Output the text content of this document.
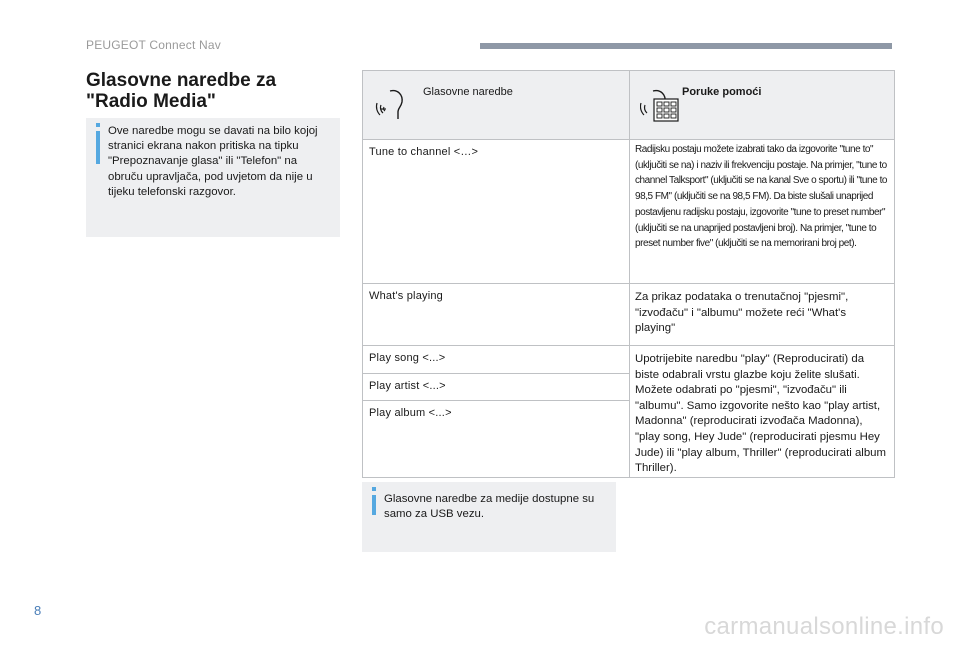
PEUGEOT Connect Nav
Glasovne naredbe za "Radio Media"
Ove naredbe mogu se davati na bilo kojoj stranici ekrana nakon pritiska na tipku "Prepoznavanje glasa" ili "Telefon" na obruču upravljača, pod uvjetom da nije u tijeku telefonski razgovor.
Glasovne naredbe	Poruke pomoći

Tune to channel <…>	Radijsku postaju možete izabrati tako da izgovorite "tune to" (uključiti se na) i naziv ili frekvenciju postaje. Na primjer, "tune to channel Talksport" (uključiti se na kanal Sve o sportu) ili "tune to 98,5 FM" (uključiti se na 98,5 FM). Da biste slušali unaprijed postavljenu radijsku postaju, izgovorite "tune to preset number" (uključiti se na unaprijed postavljeni broj). Na primjer, "tune to preset number five" (uključiti se na memorirani broj pet).
What's playing	Za prikaz podataka o trenutačnoj "pjesmi", "izvođaču" i "albumu" možete reći "What's playing"
Play song <...>	Upotrijebite naredbu "play" (Reproducirati) da biste odabrali vrstu glazbe koju želite slušati. Možete odabrati po "pjesmi", "izvođaču" ili "albumu". Samo izgovorite nešto kao "play artist, Madonna" (reproducirati izvođača Madonna), "play song, Hey Jude" (reproducirati pjesmu Hey Jude) ili "play album, Thriller" (reproducirati album Thriller).
Play artist <...>	
Play album <...>	
Glasovne naredbe za medije dostupne su samo za USB vezu.
8
carmanualsonline.info
